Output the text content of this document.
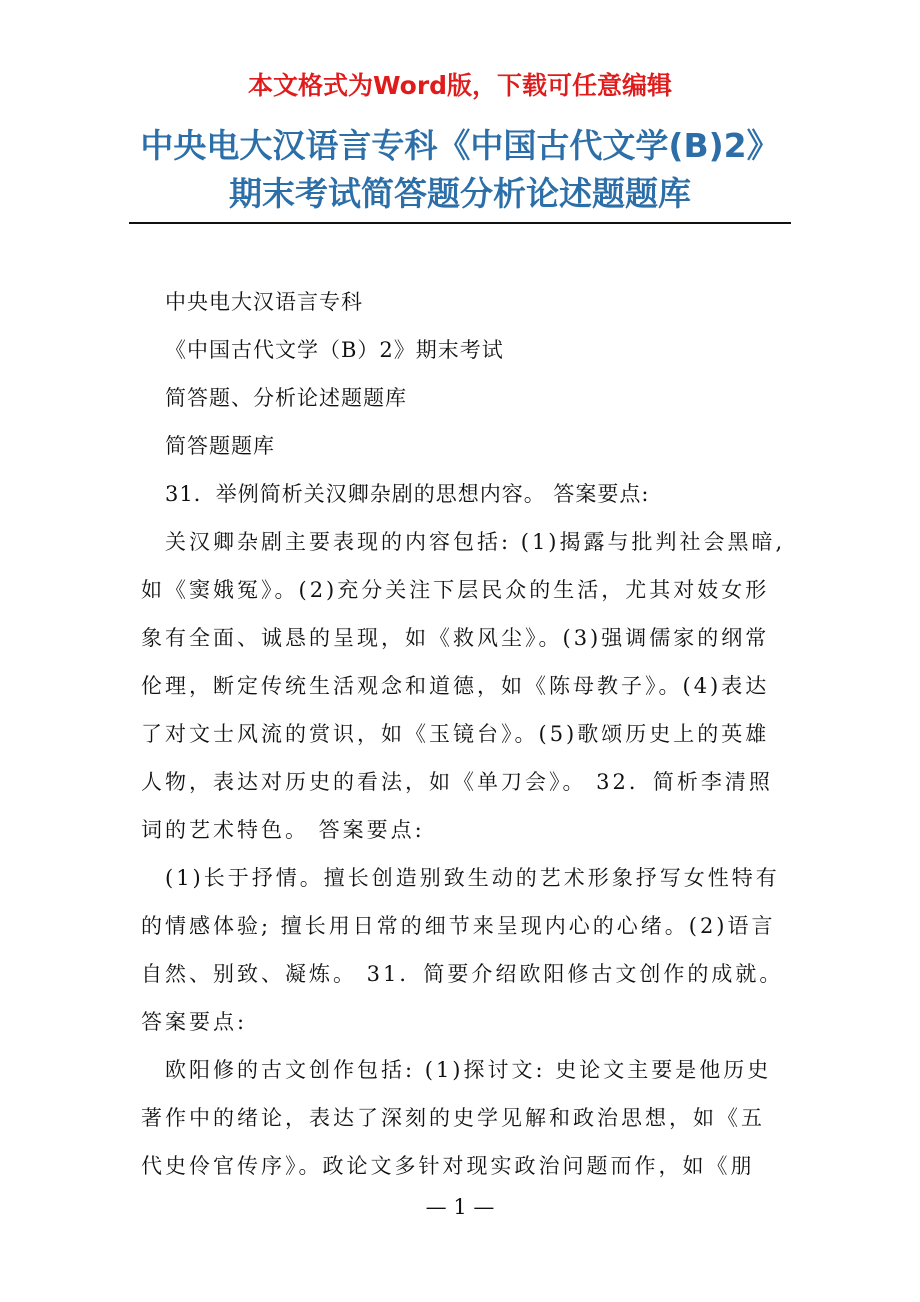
本文格式为Word版，下载可任意编辑
中央电大汉语言专科《中国古代文学(B)2》
期末考试简答题分析论述题题库
中央电大汉语言专科
《中国古代文学（B）2》期末考试
简答题、分析论述题题库
简答题题库
31．举例简析关汉卿杂剧的思想内容。 答案要点:

关汉卿杂剧主要表现的内容包括: (1)揭露与批判社会黑暗,
如《窦娥冤》。(2)充分关注下层民众的生活，尤其对妓女形
象有全面、诚恳的呈现，如《救风尘》。(3)强调儒家的纲常
伦理，断定传统生活观念和道德，如《陈母教子》。(4)表达
了对文士风流的赏识，如《玉镜台》。(5)歌颂历史上的英雄
人物，表达对历史的看法，如《单刀会》。 32．简析李清照
词的艺术特色。 答案要点:

(1)长于抒情。擅长创造别致生动的艺术形象抒写女性特有
的情感体验; 擅长用日常的细节来呈现内心的心绪。(2)语言
自然、别致、凝炼。 31．简要介绍欧阳修古文创作的成就。
答案要点:

欧阳修的古文创作包括: (1)探讨文: 史论文主要是他历史
著作中的绪论，表达了深刻的史学见解和政治思想，如《五
代史伶官传序》。政论文多针对现实政治问题而作，如《朋

— 1 —
